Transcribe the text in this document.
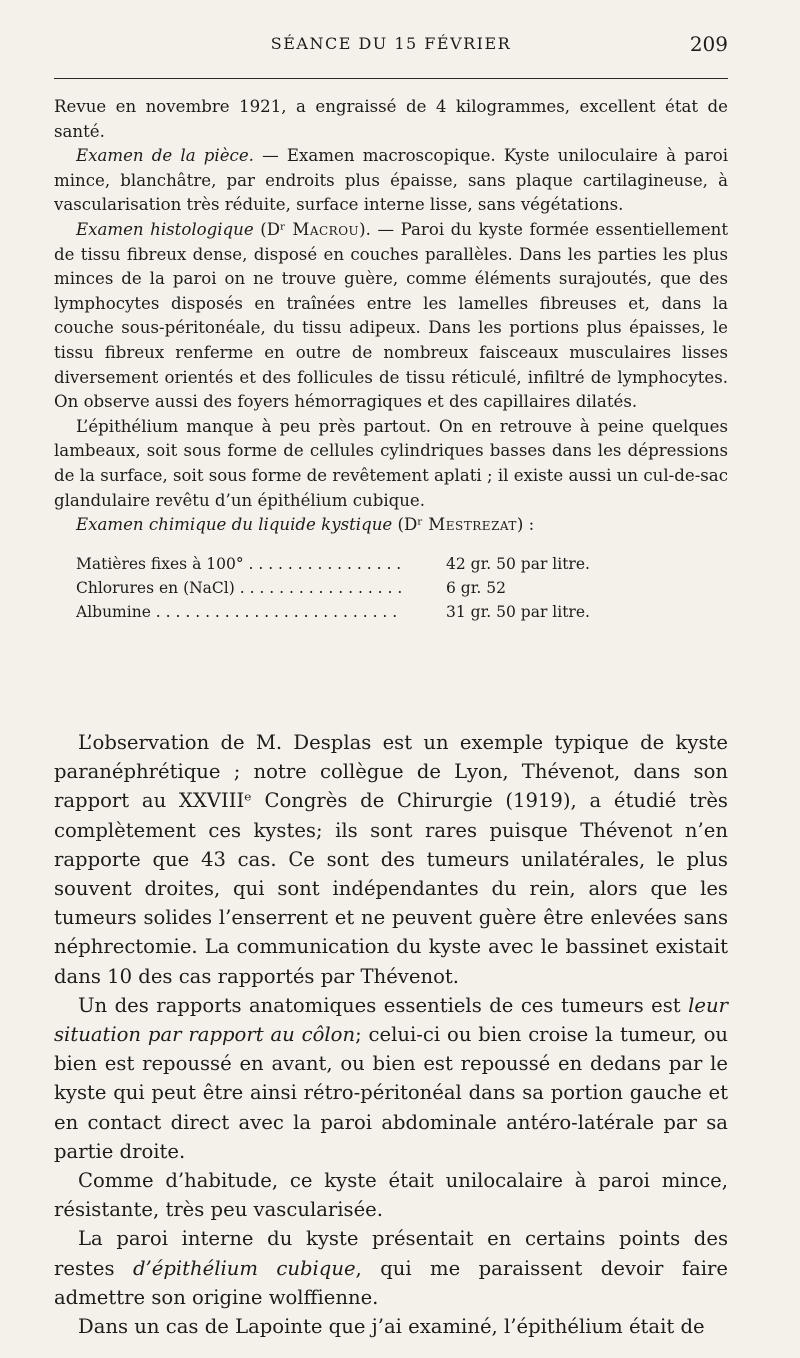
SÉANCE DU 15 FÉVRIER	209

Revue en novembre 1921, a engraissé de 4 kilogrammes, excellent état de santé.

Examen de la pièce. — Examen macroscopique. Kyste uniloculaire à paroi mince, blanchâtre, par endroits plus épaisse, sans plaque cartilagineuse, à vascularisation très réduite, surface interne lisse, sans végétations.

Examen histologique (Dʳ Macrou). — Paroi du kyste formée essentiellement de tissu fibreux dense, disposé en couches parallèles. Dans les parties les plus minces de la paroi on ne trouve guère, comme éléments surajoutés, que des lymphocytes disposés en traînées entre les lamelles fibreuses et, dans la couche sous-péritonéale, du tissu adipeux. Dans les portions plus épaisses, le tissu fibreux renferme en outre de nombreux faisceaux musculaires lisses diversement orientés et des follicules de tissu réticulé, infiltré de lymphocytes. On observe aussi des foyers hémorragiques et des capillaires dilatés.

L’épithélium manque à peu près partout. On en retrouve à peine quelques lambeaux, soit sous forme de cellules cylindriques basses dans les dépressions de la surface, soit sous forme de revêtement aplati ; il existe aussi un cul-de-sac glandulaire revêtu d’un épithélium cubique.

Examen chimique du liquide kystique (Dʳ Mestrezat) :

Matières fixes à 100° . . . . . . . . . . . . . . . .	42 gr. 50 par litre.
Chlorures en (NaCl) . . . . . . . . . . . . . . . . .	6 gr. 52
Albumine . . . . . . . . . . . . . . . . . . . . . . . . .	31 gr. 50 par litre.

L’observation de M. Desplas est un exemple typique de kyste paranéphrétique ; notre collègue de Lyon, Thévenot, dans son rapport au XXVIIIᵉ Congrès de Chirurgie (1919), a étudié très complètement ces kystes; ils sont rares puisque Thévenot n’en rapporte que 43 cas. Ce sont des tumeurs unilatérales, le plus souvent droites, qui sont indépendantes du rein, alors que les tumeurs solides l’enserrent et ne peuvent guère être enlevées sans néphrectomie. La communication du kyste avec le bassinet existait dans 10 des cas rapportés par Thévenot.

Un des rapports anatomiques essentiels de ces tumeurs est leur situation par rapport au côlon; celui-ci ou bien croise la tumeur, ou bien est repoussé en avant, ou bien est repoussé en dedans par le kyste qui peut être ainsi rétro-péritonéal dans sa portion gauche et en contact direct avec la paroi abdominale antéro-latérale par sa partie droite.

Comme d’habitude, ce kyste était unilocalaire à paroi mince, résistante, très peu vascularisée.

La paroi interne du kyste présentait en certains points des restes d’épithélium cubique, qui me paraissent devoir faire admettre son origine wolffienne.

Dans un cas de Lapointe que j’ai examiné, l’épithélium était de
